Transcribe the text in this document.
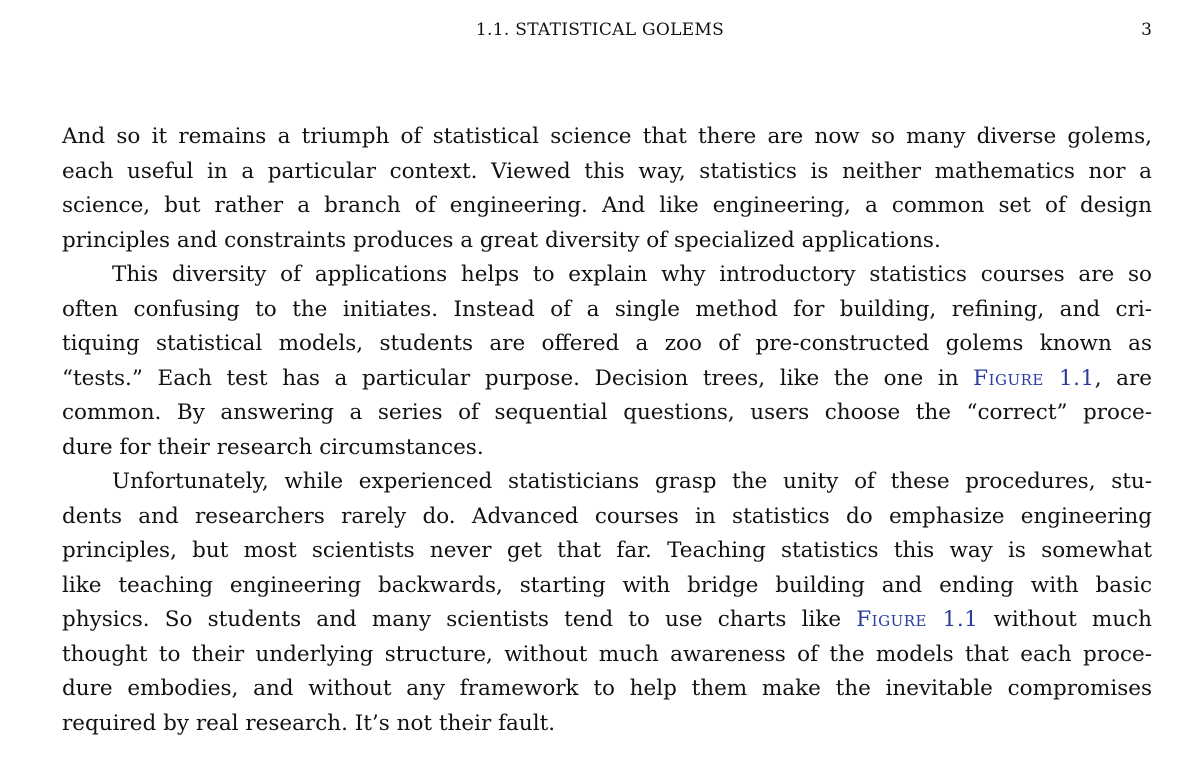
1.1. STATISTICAL GOLEMS	3
And so it remains a triumph of statistical science that there are now so many diverse golems,
each useful in a particular context. Viewed this way, statistics is neither mathematics nor a
science, but rather a branch of engineering. And like engineering, a common set of design
principles and constraints produces a great diversity of specialized applications.
This diversity of applications helps to explain why introductory statistics courses are so
often confusing to the initiates. Instead of a single method for building, refining, and cri-
tiquing statistical models, students are offered a zoo of pre-constructed golems known as
“tests.” Each test has a particular purpose. Decision trees, like the one in Figure 1.1, are
common. By answering a series of sequential questions, users choose the “correct” proce-
dure for their research circumstances.
Unfortunately, while experienced statisticians grasp the unity of these procedures, stu-
dents and researchers rarely do. Advanced courses in statistics do emphasize engineering
principles, but most scientists never get that far. Teaching statistics this way is somewhat
like teaching engineering backwards, starting with bridge building and ending with basic
physics. So students and many scientists tend to use charts like Figure 1.1 without much
thought to their underlying structure, without much awareness of the models that each proce-
dure embodies, and without any framework to help them make the inevitable compromises
required by real research. It’s not their fault.
